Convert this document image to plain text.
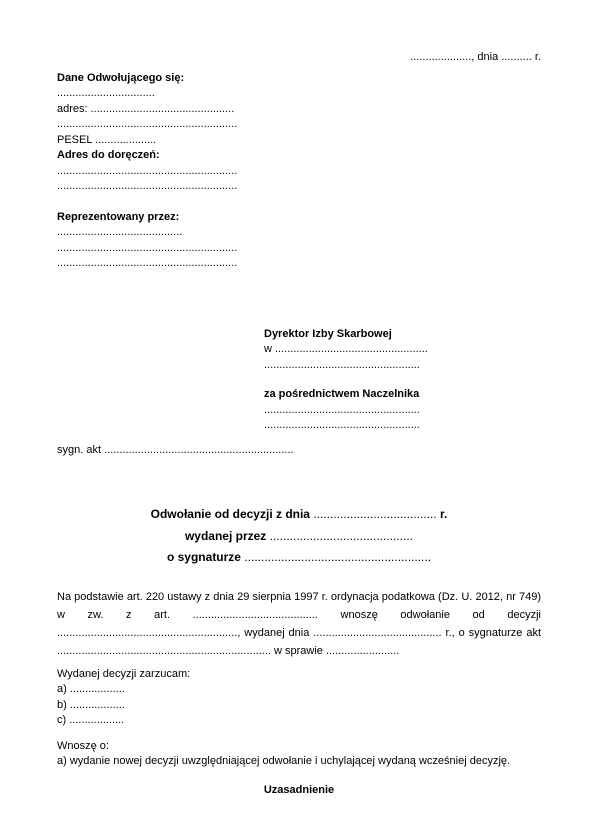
...................., dnia .......... r.
Dane Odwołującego się:
................................
adres: ...............................................
...........................................................
PESEL ....................
Adres do doręczeń:
...........................................................
...........................................................
Reprezentowany przez:
.........................................
...........................................................
...........................................................
Dyrektor Izby Skarbowej
w ..................................................
...................................................
za pośrednictwem Naczelnika
...................................................
...................................................
sygn. akt ..............................................................
Odwołanie od decyzji z dnia ..................................... r.
wydanej przez ...........................................
o sygnaturze ........................................................
Na podstawie art. 220 ustawy z dnia 29 sierpnia 1997 r. ordynacja podatkowa (Dz. U. 2012, nr 749) w zw. z art. ......................................... wnoszę odwołanie od decyzji ..........................................................., wydanej dnia .......................................... r., o sygnaturze akt ...................................................................... w sprawie ........................
Wydanej decyzji zarzucam:
a) ..................
b) ..................
c) ..................
Wnoszę o:
a) wydanie nowej decyzji uwzględniającej odwołanie i uchylającej wydaną wcześniej decyzję.
Uzasadnienie
